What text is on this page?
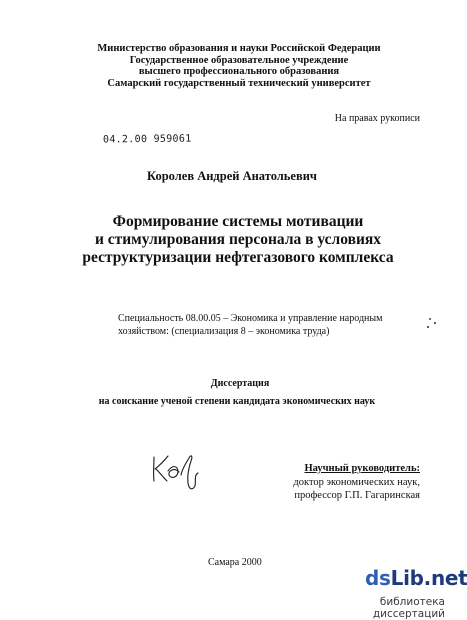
Министерство образования и науки Российской Федерации
Государственное образовательное учреждение
высшего профессионального образования
Самарский государственный технический университет
На правах рукописи
04.2.00 959061
Королев Андрей Анатольевич
Формирование системы мотивации
и стимулирования персонала в условиях
реструктуризации нефтегазового комплекса
Специальность 08.00.05 – Экономика и управление народным
хозяйством: (специализация 8 – экономика труда)
Диссертация
на соискание ученой степени кандидата экономических наук
Научный руководитель:
доктор экономических наук,
профессор Г.П. Гагаринская
Самара 2000
dsLib.net
библиотека диссертаций
